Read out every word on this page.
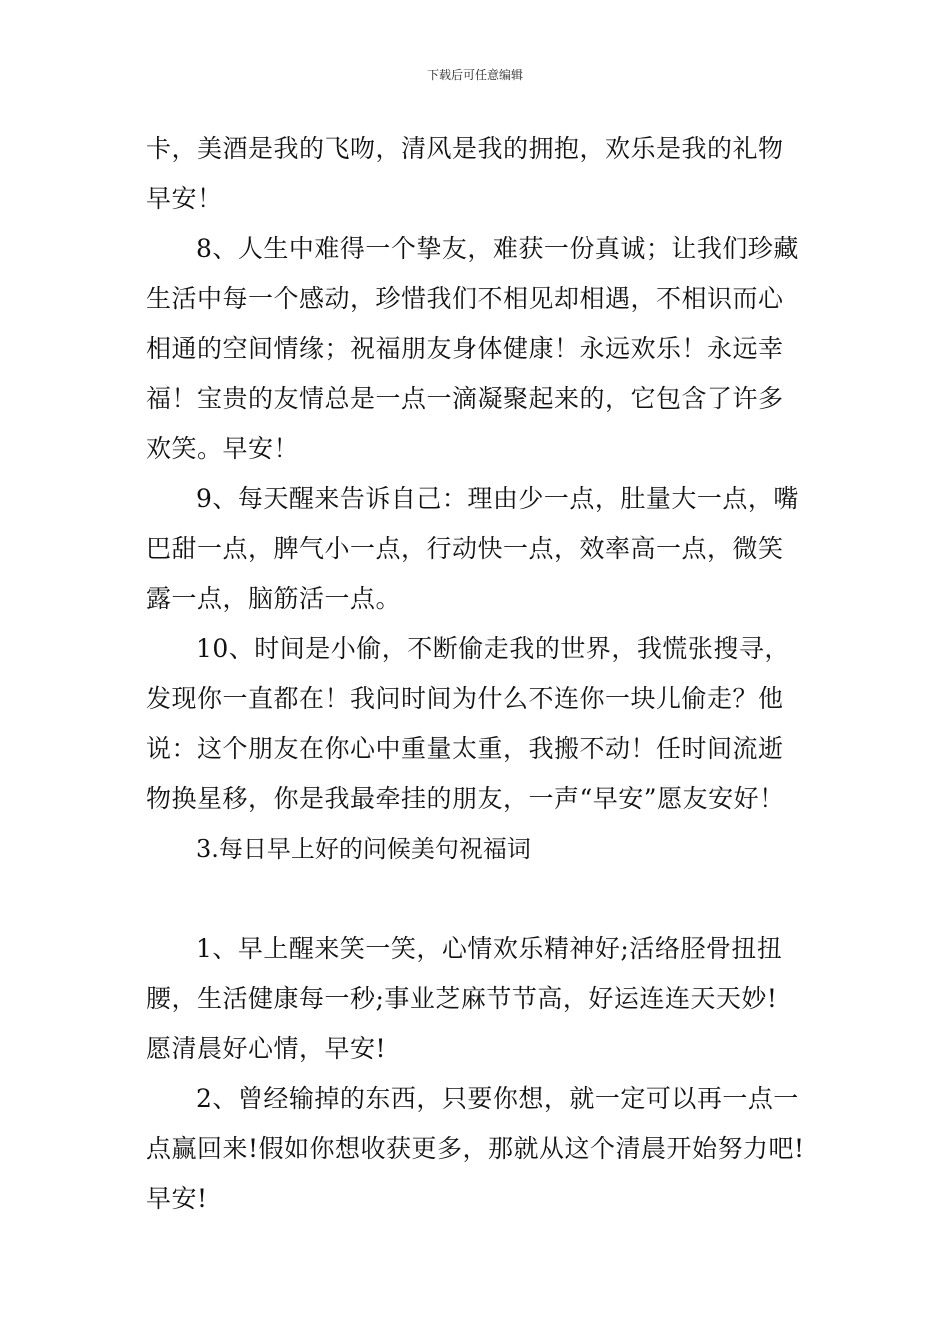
下载后可任意编辑
卡，美酒是我的飞吻，清风是我的拥抱，欢乐是我的礼物
早安！
8、人生中难得一个挚友，难获一份真诚；让我们珍藏
生活中每一个感动，珍惜我们不相见却相遇，不相识而心
相通的空间情缘；祝福朋友身体健康！永远欢乐！永远幸
福！宝贵的友情总是一点一滴凝聚起来的，它包含了许多
欢笑。早安！
9、每天醒来告诉自己：理由少一点，肚量大一点，嘴
巴甜一点，脾气小一点，行动快一点，效率高一点，微笑
露一点，脑筋活一点。
10、时间是小偷，不断偷走我的世界，我慌张搜寻，
发现你一直都在！我问时间为什么不连你一块儿偷走？他
说：这个朋友在你心中重量太重，我搬不动！任时间流逝
物换星移，你是我最牵挂的朋友，一声“早安”愿友安好！
3.每日早上好的问候美句祝福词
1、早上醒来笑一笑，心情欢乐精神好;活络胫骨扭扭
腰，生活健康每一秒;事业芝麻节节高，好运连连天天妙!
愿清晨好心情，早安!
2、曾经输掉的东西，只要你想，就一定可以再一点一
点赢回来!假如你想收获更多，那就从这个清晨开始努力吧!
早安!
